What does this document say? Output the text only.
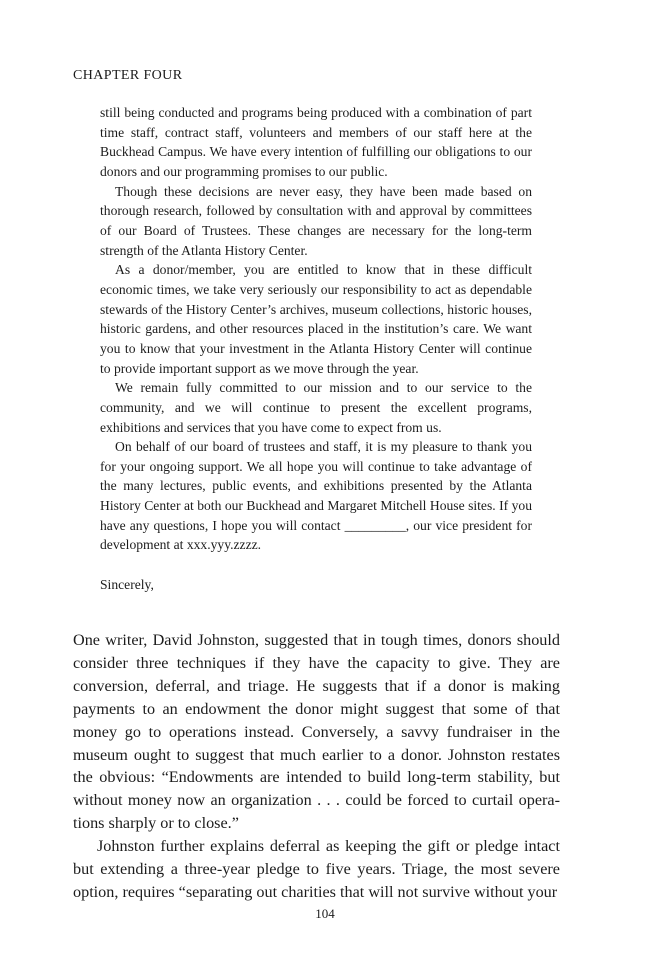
CHAPTER FOUR

still being conducted and programs being produced with a combination of part time staff, contract staff, volunteers and members of our staff here at the Buckhead Campus. We have every intention of fulfilling our obligations to our donors and our programming promises to our public.

Though these decisions are never easy, they have been made based on thorough research, followed by consultation with and approval by committees of our Board of Trustees. These changes are necessary for the long-term strength of the Atlanta History Center.

As a donor/member, you are entitled to know that in these difficult economic times, we take very seriously our responsibility to act as dependable stewards of the History Center’s archives, museum collections, historic houses, historic gardens, and other resources placed in the institution’s care. We want you to know that your investment in the Atlanta History Center will continue to provide important support as we move through the year.

We remain fully committed to our mission and to our service to the community, and we will continue to present the excellent programs, exhibitions and services that you have come to expect from us.

On behalf of our board of trustees and staff, it is my pleasure to thank you for your ongoing support. We all hope you will continue to take advantage of the many lectures, public events, and exhibitions presented by the Atlanta History Center at both our Buckhead and Margaret Mitchell House sites. If you have any questions, I hope you will contact _________, our vice president for development at xxx.yyy.zzzz.

Sincerely,

One writer, David Johnston, suggested that in tough times, donors should consider three techniques if they have the capacity to give. They are conversion, deferral, and triage. He suggests that if a donor is making payments to an endowment the donor might suggest that some of that money go to operations instead. Conversely, a savvy fundraiser in the museum ought to suggest that much earlier to a donor. Johnston restates the obvious: “Endowments are intended to build long-term stability, but without money now an organization . . . could be forced to curtail operations sharply or to close.”

Johnston further explains deferral as keeping the gift or pledge intact but extending a three-year pledge to five years. Triage, the most severe option, requires “separating out charities that will not survive without your

104
